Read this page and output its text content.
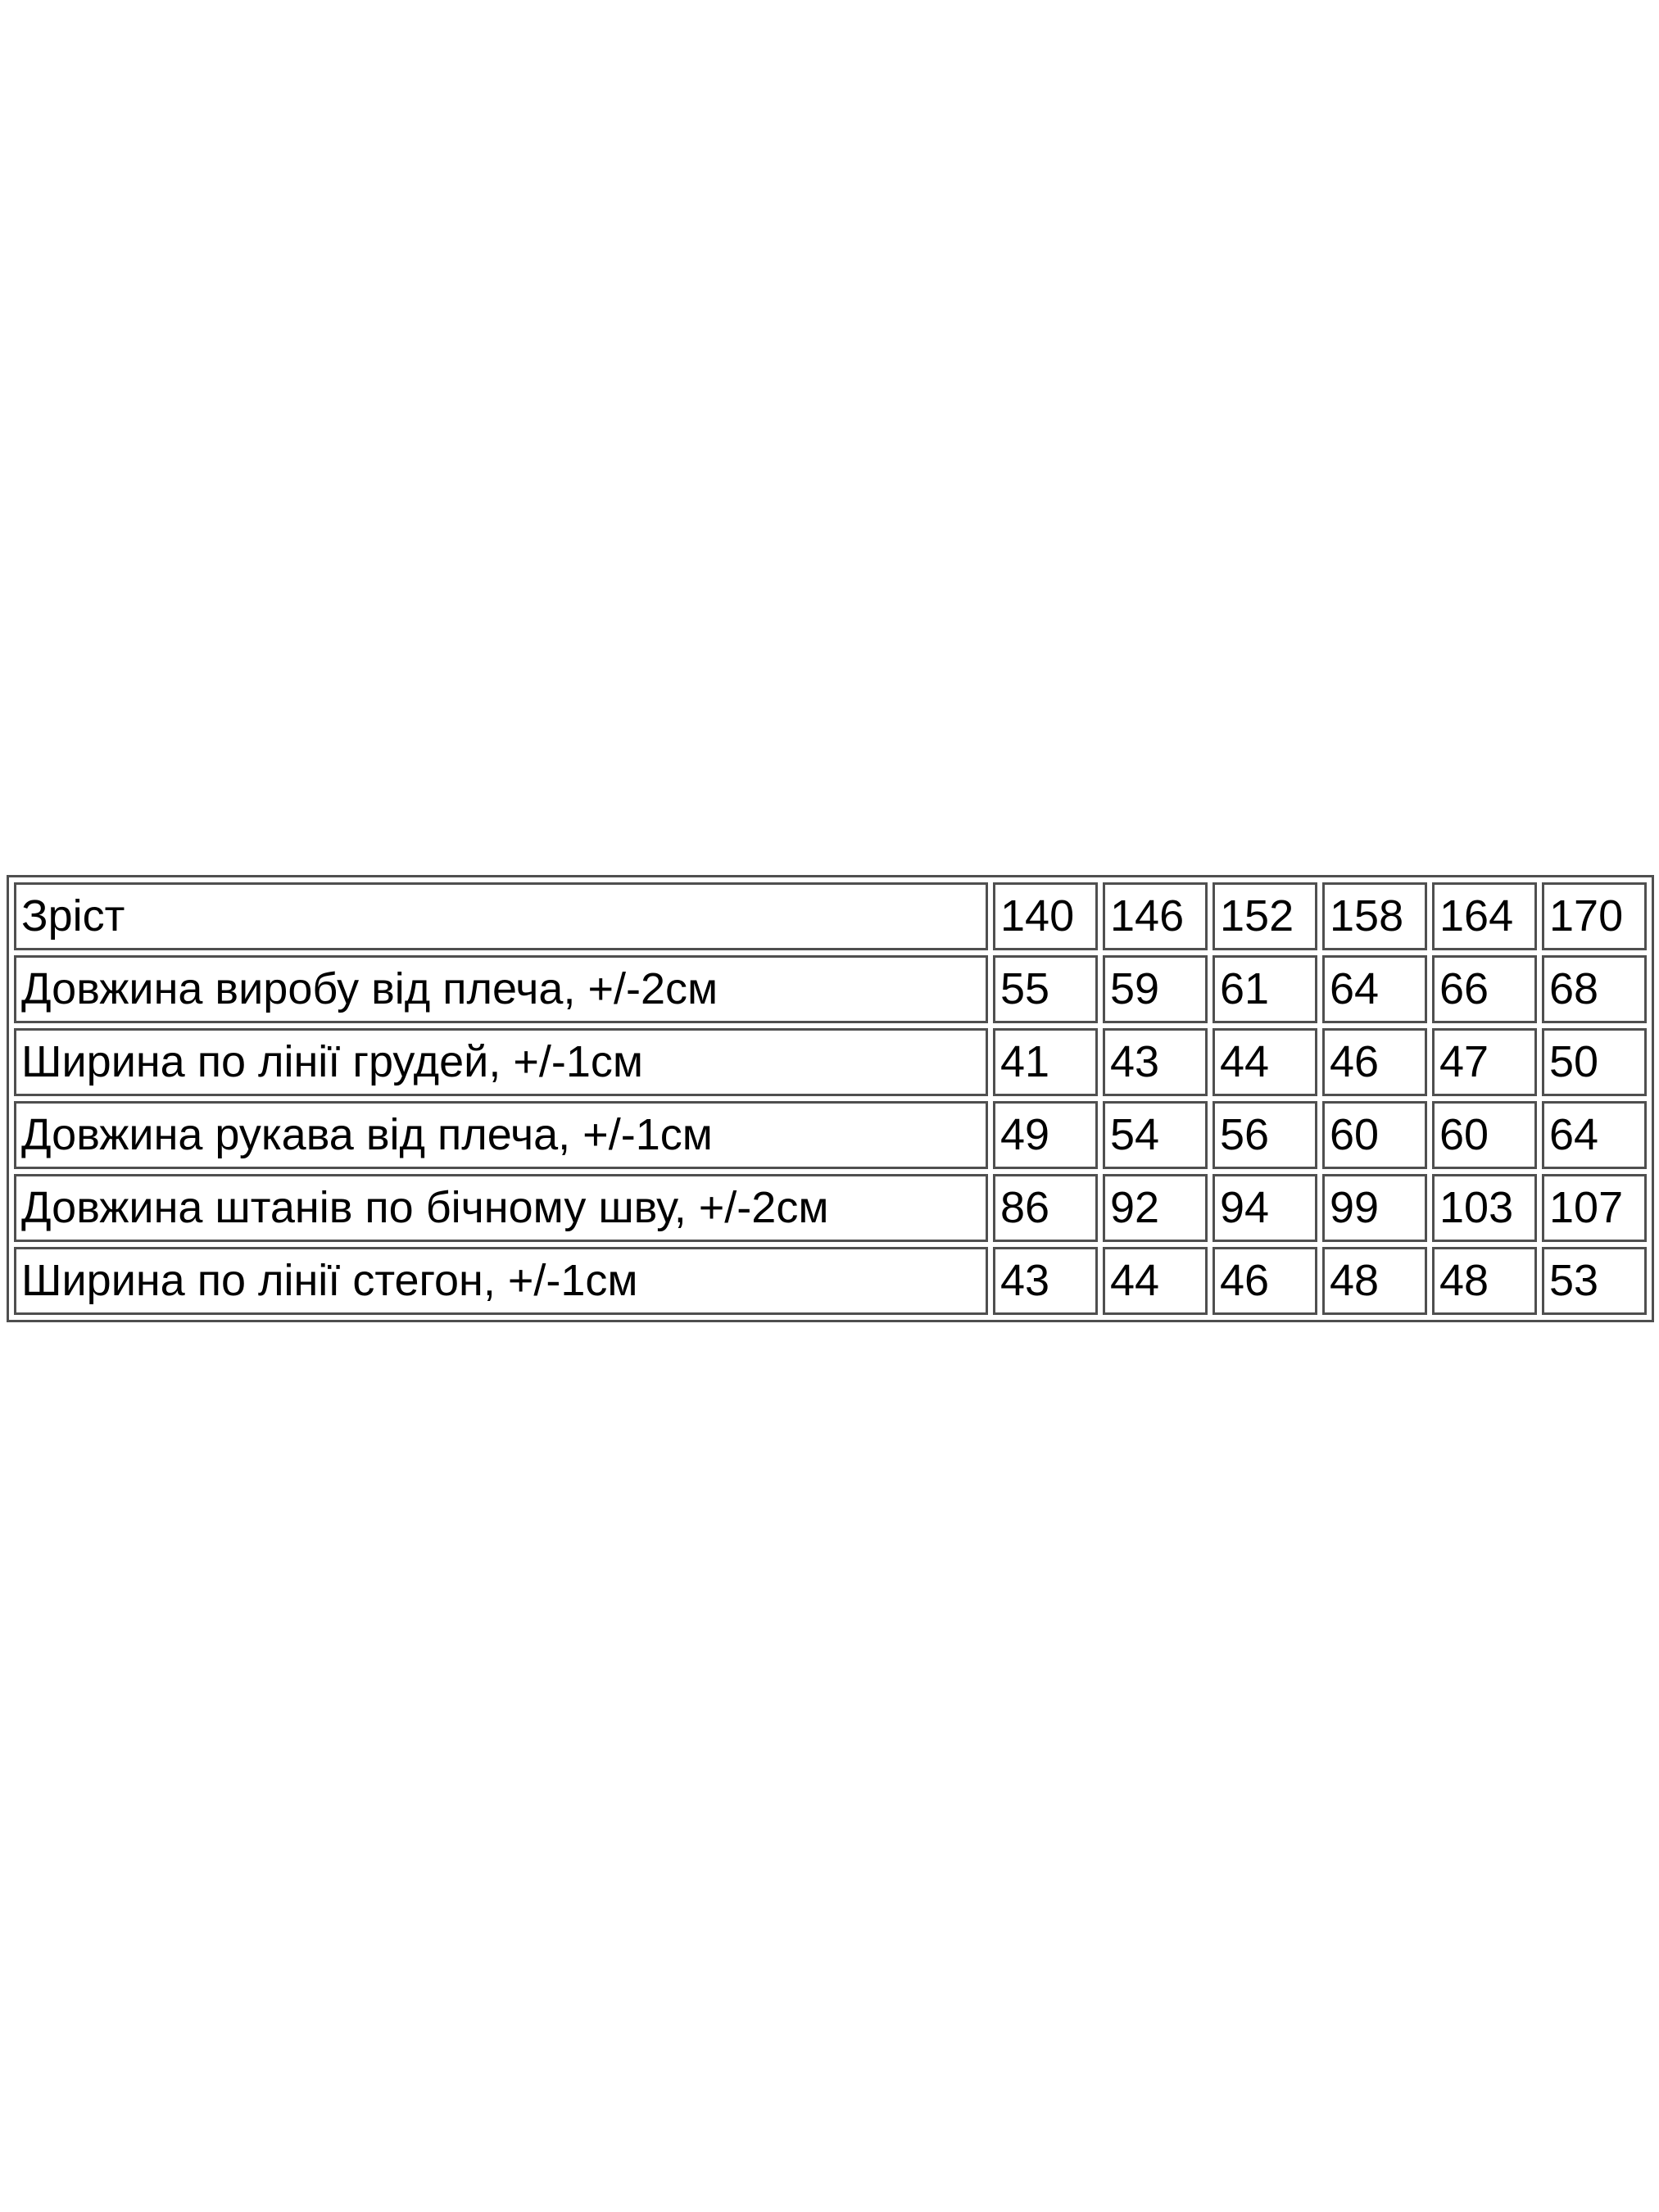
Зріст	140	146	152	158	164	170
Довжина виробу від плеча, +/-2см	55	59	61	64	66	68
Ширина по лінії грудей, +/-1см	41	43	44	46	47	50
Довжина рукава від плеча, +/-1см	49	54	56	60	60	64
Довжина штанів по бічному шву, +/-2см	86	92	94	99	103	107
Ширина по лінії стегон, +/-1см	43	44	46	48	48	53
